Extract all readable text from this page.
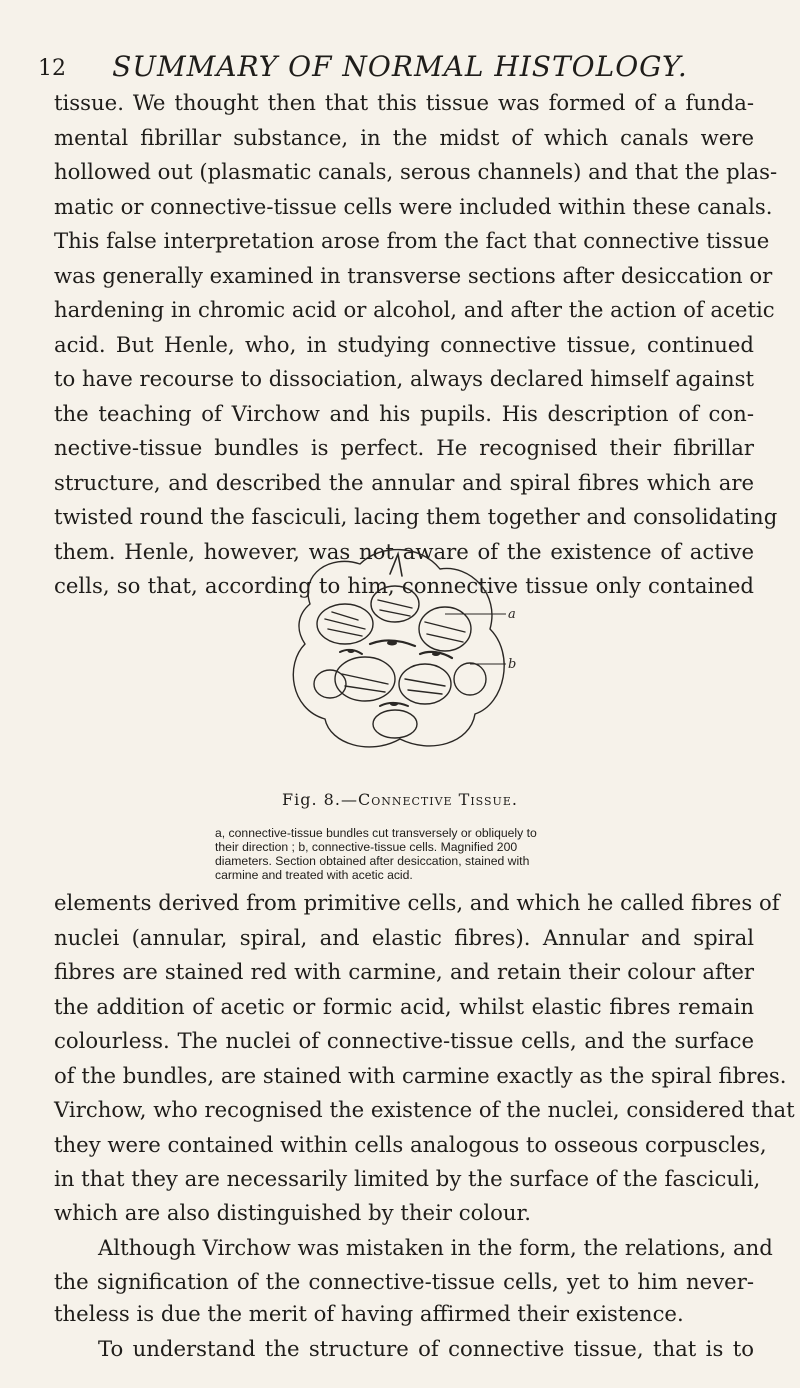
12	SUMMARY OF NORMAL HISTOLOGY.
tissue. We thought then that this tissue was formed of a funda-
mental fibrillar substance, in the midst of which canals were
hollowed out (plasmatic canals, serous channels) and that the plas-
matic or connective-tissue cells were included within these canals.
This false interpretation arose from the fact that connective tissue
was generally examined in transverse sections after desiccation or
hardening in chromic acid or alcohol, and after the action of acetic
acid. But Henle, who, in studying connective tissue, continued
to have recourse to dissociation, always declared himself against
the teaching of Virchow and his pupils. His description of con-
nective-tissue bundles is perfect. He recognised their fibrillar
structure, and described the annular and spiral fibres which are
twisted round the fasciculi, lacing them together and consolidating
them. Henle, however, was not aware of the existence of active
cells, so that, according to him, connective tissue only contained
a
b
Fig. 8.—Connective Tissue.
a, connective-tissue bundles cut transversely or obliquely to
their direction ; b, connective-tissue cells. Magnified 200
diameters. Section obtained after desiccation, stained with
carmine and treated with acetic acid.
elements derived from primitive cells, and which he called fibres of
nuclei (annular, spiral, and elastic fibres). Annular and spiral
fibres are stained red with carmine, and retain their colour after
the addition of acetic or formic acid, whilst elastic fibres remain
colourless. The nuclei of connective-tissue cells, and the surface
of the bundles, are stained with carmine exactly as the spiral fibres.
Virchow, who recognised the existence of the nuclei, considered that
they were contained within cells analogous to osseous corpuscles,
in that they are necessarily limited by the surface of the fasciculi,
which are also distinguished by their colour.
Although Virchow was mistaken in the form, the relations, and
the signification of the connective-tissue cells, yet to him never-
theless is due the merit of having affirmed their existence.
To understand the structure of connective tissue, that is to
